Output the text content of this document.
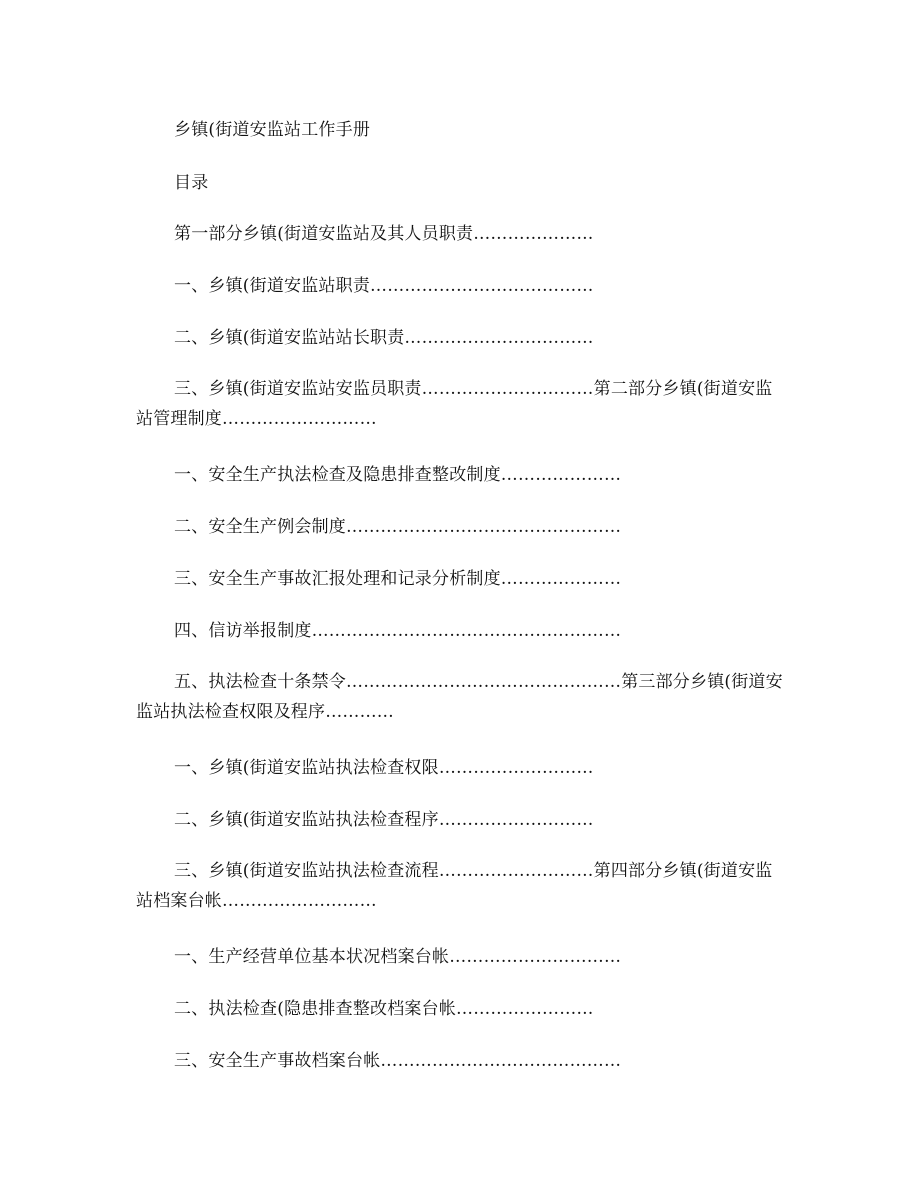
乡镇(街道安监站工作手册
目录
第一部分乡镇(街道安监站及其人员职责…………………
一、乡镇(街道安监站职责…………………………………
二、乡镇(街道安监站站长职责……………………………
三、乡镇(街道安监站安监员职责…………………………第二部分乡镇(街道安监站管理制度………………………
一、安全生产执法检查及隐患排查整改制度…………………
二、安全生产例会制度…………………………………………
三、安全生产事故汇报处理和记录分析制度…………………
四、信访举报制度………………………………………………
五、执法检查十条禁令…………………………………………第三部分乡镇(街道安监站执法检查权限及程序…………
一、乡镇(街道安监站执法检查权限………………………
二、乡镇(街道安监站执法检查程序………………………
三、乡镇(街道安监站执法检查流程………………………第四部分乡镇(街道安监站档案台帐………………………
一、生产经营单位基本状况档案台帐…………………………
二、执法检查(隐患排查整改档案台帐……………………
三、安全生产事故档案台帐……………………………………
